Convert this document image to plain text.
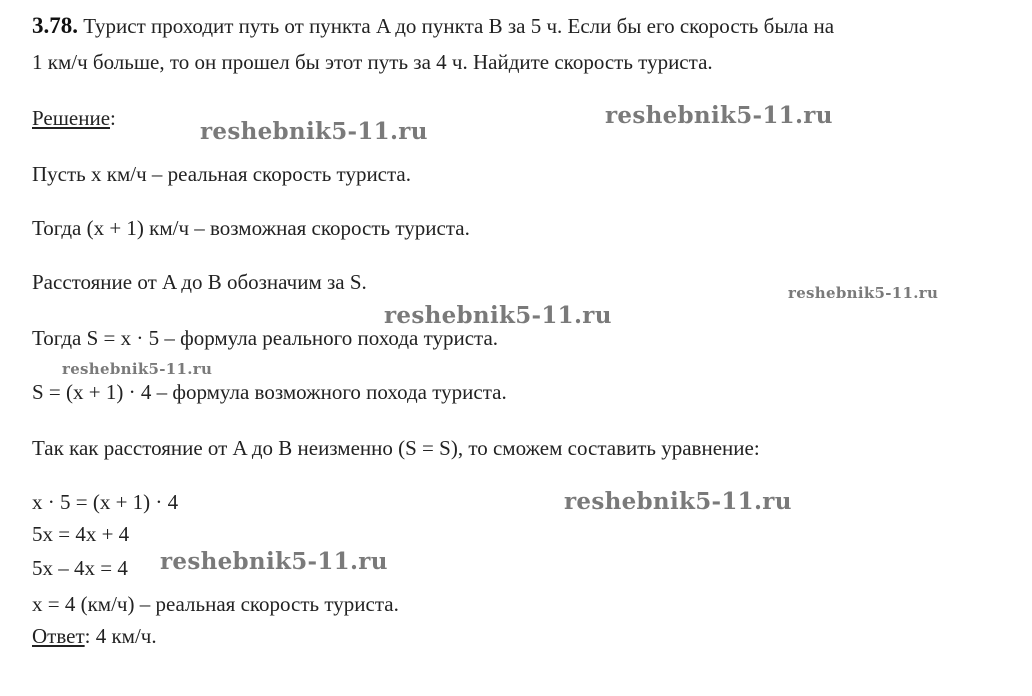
3.78. Турист проходит путь от пункта A до пункта B за 5 ч. Если бы его скорость была на
1 км/ч больше, то он прошел бы этот путь за 4 ч. Найдите скорость туриста.
Решение:
Пусть x км/ч – реальная скорость туриста.
Тогда (x + 1) км/ч – возможная скорость туриста.
Расстояние от A до B обозначим за S.
Тогда S = x · 5 – формула реального похода туриста.
S = (x + 1) · 4 – формула возможного похода туриста.
Так как расстояние от A до B неизменно (S = S), то сможем составить уравнение:
x · 5 = (x + 1) · 4
5x = 4x + 4
5x – 4x = 4
x = 4 (км/ч) – реальная скорость туриста.
Ответ: 4 км/ч.
reshebnik5-11.ru
reshebnik5-11.ru
reshebnik5-11.ru
reshebnik5-11.ru
reshebnik5-11.ru
reshebnik5-11.ru
reshebnik5-11.ru
